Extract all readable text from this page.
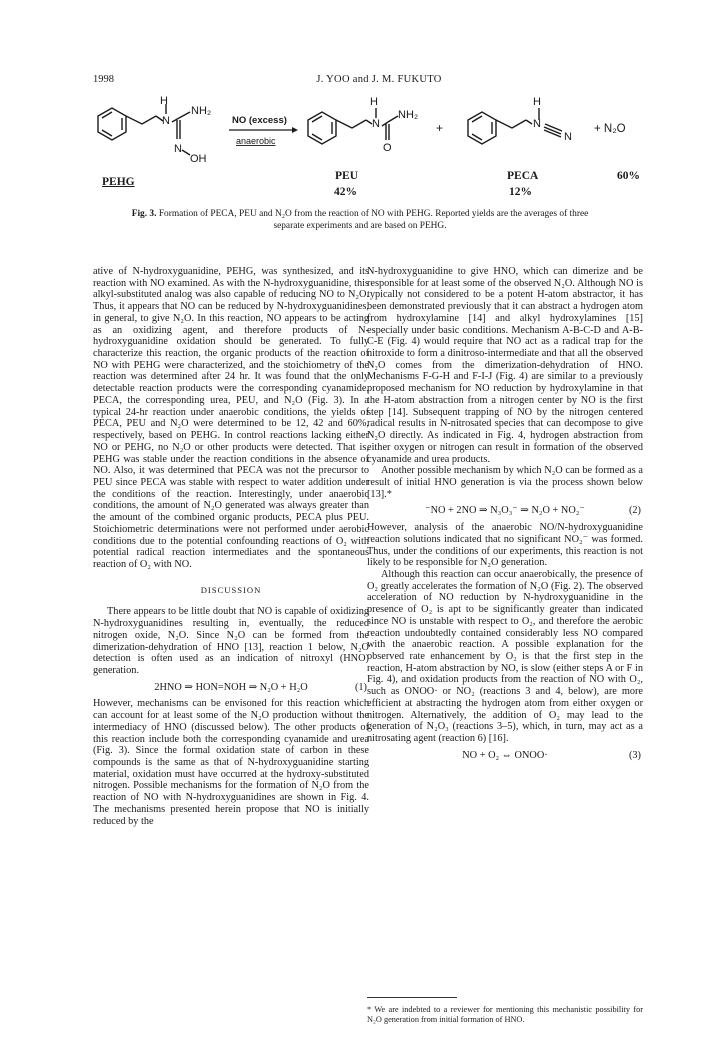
1998	J. YOO and J. M. FUKUTO
H
N
NH₂
N
OH
NO (excess)
anaerobic
H
N
NH₂
O
+
H
N
N
+ N₂O
PEHG	PEU
42%
PECA
12%
60%
Fig. 3. Formation of PECA, PEU and N₂O from the reaction of NO with PEHG. Reported yields are the averages of three separate experiments and are based on PEHG.

ative of N-hydroxyguanidine, PEHG, was synthesized, and its reaction with NO examined. As with the N-hydroxyguanidine, this alkyl-substituted analog was also capable of reducing NO to N₂O. Thus, it appears that NO can be reduced by N-hydroxyguanidines, in general, to give N₂O. In this reaction, NO appears to be acting as an oxidizing agent, and therefore products of N-hydroxyguanidine oxidation should be generated. To fully characterize this reaction, the organic products of the reaction of NO with PEHG were characterized, and the stoichiometry of the reaction was determined after 24 hr. It was found that the only detectable reaction products were the corresponding cyanamide, PECA, the corresponding urea, PEU, and N₂O (Fig. 3). In a typical 24-hr reaction under anaerobic conditions, the yields of PECA, PEU and N₂O were determined to be 12, 42 and 60%, respectively, based on PEHG. In control reactions lacking either NO or PEHG, no N₂O or other products were detected. That is, PEHG was stable under the reaction conditions in the absence of NO. Also, it was determined that PECA was not the precursor to PEU since PECA was stable with respect to water addition under the conditions of the reaction. Interestingly, under anaerobic conditions, the amount of N₂O generated was always greater than the amount of the combined organic products, PECA plus PEU. Stoichiometric determinations were not performed under aerobic conditions due to the potential confounding reactions of O₂ with potential radical reaction intermediates and the spontaneous reaction of O₂ with NO.

DISCUSSION

There appears to be little doubt that NO is capable of oxidizing N-hydroxyguanidines resulting in, eventually, the reduced nitrogen oxide, N₂O. Since N₂O can be formed from the dimerization-dehydration of HNO [13], reaction 1 below, N₂O detection is often used as an indication of nitroxyl (HNO) generation.

2HNO ⇒ HON=NOH ⇒ N₂O + H₂O	(1)

However, mechanisms can be envisoned for this reaction which can account for at least some of the N₂O production without the intermediacy of HNO (discussed below). The other products of this reaction include both the corresponding cyanamide and urea (Fig. 3). Since the formal oxidation state of carbon in these compounds is the same as that of N-hydroxyguanidine starting material, oxidation must have occurred at the hydroxy-substituted nitrogen. Possible mechanisms for the formation of N₂O from the reaction of NO with N-hydroxyguanidines are shown in Fig. 4. The mechanisms presented herein propose that NO is initially reduced by the

N-hydroxyguanidine to give HNO, which can dimerize and be responsible for at least some of the observed N₂O. Although NO is typically not considered to be a potent H-atom abstractor, it has been demonstrated previously that it can abstract a hydrogen atom from hydroxylamine [14] and alkyl hydroxylamines [15] especially under basic conditions. Mechanism A-B-C-D and A-B-C-E (Fig. 4) would require that NO act as a radical trap for the nitroxide to form a dinitroso-intermediate and that all the observed N₂O comes from the dimerization-dehydration of HNO. Mechanisms F-G-H and F-I-J (Fig. 4) are similar to a previously proposed mechanism for NO reduction by hydroxylamine in that the H-atom abstraction from a nitrogen center by NO is the first step [14]. Subsequent trapping of NO by the nitrogen centered radical results in N-nitrosated species that can decompose to give N₂O directly. As indicated in Fig. 4, hydrogen abstraction from either oxygen or nitrogen can result in formation of the observed cyanamide and urea products.

Another possible mechanism by which N₂O can be formed as a result of initial HNO generation is via the process shown below [13].*

⁻NO + 2NO ⇒ N₃O₃⁻ ⇒ N₂O + NO₂⁻	(2)

However, analysis of the anaerobic NO/N-hydroxyguanidine reaction solutions indicated that no significant NO₂⁻ was formed. Thus, under the conditions of our experiments, this reaction is not likely to be responsible for N₂O generation.

Although this reaction can occur anaerobically, the presence of O₂ greatly accelerates the formation of N₂O (Fig. 2). The observed acceleration of NO reduction by N-hydroxyguanidine in the presence of O₂ is apt to be significantly greater than indicated since NO is unstable with respect to O₂, and therefore the aerobic reaction undoubtedly contained considerably less NO compared with the anaerobic reaction. A possible explanation for the observed rate enhancement by O₂ is that the first step in the reaction, H-atom abstraction by NO, is slow (either steps A or F in Fig. 4), and oxidation products from the reaction of NO with O₂, such as ONOO· or NO₂ (reactions 3 and 4, below), are more efficient at abstracting the hydrogen atom from either oxygen or nitrogen. Alternatively, the addition of O₂ may lead to the generation of N₂O₃ (reactions 3–5), which, in turn, may act as a nitrosating agent (reaction 6) [16].

NO + O₂ ⇔ ONOO·	(3)
* We are indebted to a reviewer for mentioning this mechanistic possibility for N₂O generation from initial formation of HNO.
